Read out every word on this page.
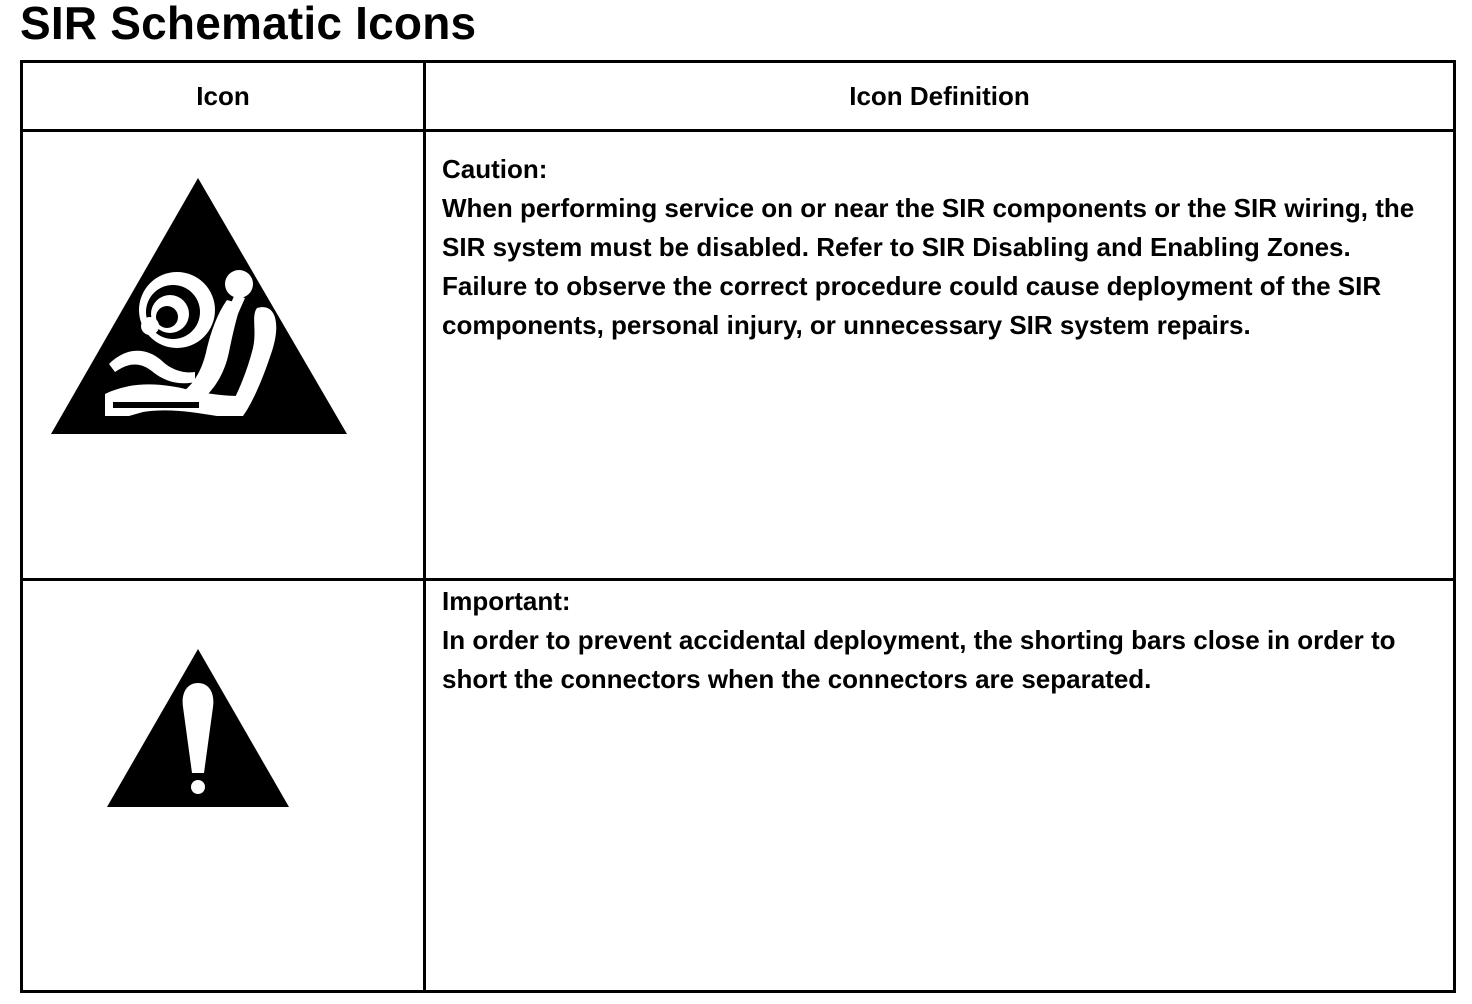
SIR Schematic Icons
Icon	Icon Definition

Caution:
When performing service on or near the SIR components or the SIR wiring, the SIR system must be disabled. Refer to SIR Disabling and Enabling Zones. Failure to observe the correct procedure could cause deployment of the SIR components, personal injury, or unnecessary SIR system repairs.

Important:
In order to prevent accidental deployment, the shorting bars close in order to short the connectors when the connectors are separated.
